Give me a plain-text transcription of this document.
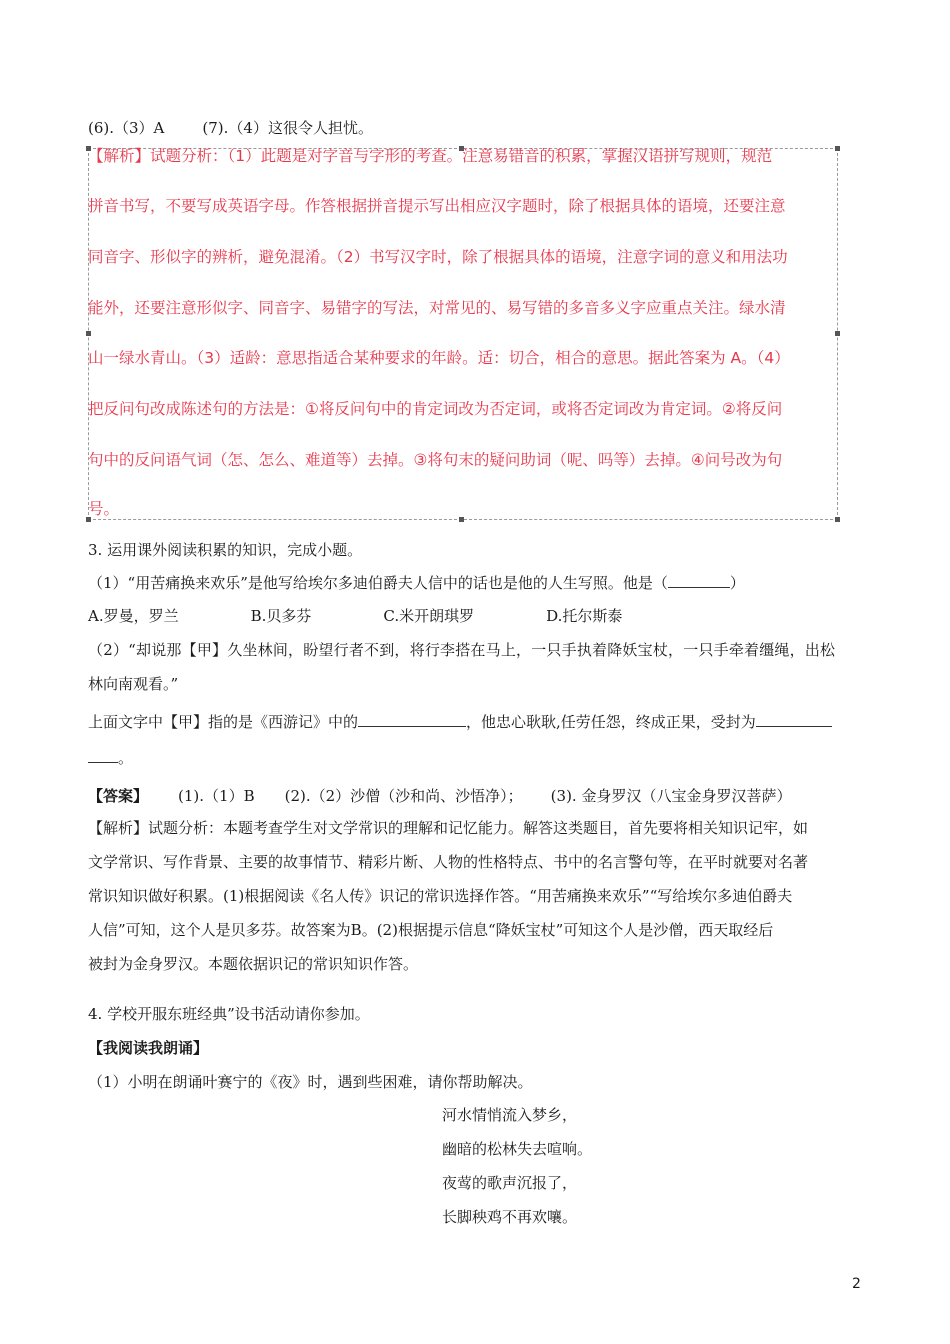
(6).（3）A	(7).（4）这很令人担忧。
【解析】试题分析：（1）此题是对字音与字形的考查。注意易错音的积累，掌握汉语拼写规则，规范
拼音书写，不要写成英语字母。作答根据拼音提示写出相应汉字题时，除了根据具体的语境，还要注意
同音字、形似字的辨析，避免混淆。（2）书写汉字时，除了根据具体的语境，注意字词的意义和用法功
能外，还要注意形似字、同音字、易错字的写法，对常见的、易写错的多音多义字应重点关注。绿水清
山一绿水青山。（3）适龄：意思指适合某种要求的年龄。适：切合，相合的意思。据此答案为 A。（4）
把反问句改成陈述句的方法是：①将反问句中的肯定词改为否定词，或将否定词改为肯定词。②将反问
句中的反问语气词（怎、怎么、难道等）去掉。③将句末的疑问助词（呢、吗等）去掉。④问号改为句
号。
3. 运用课外阅读积累的知识，完成小题。
（1）“用苦痛换来欢乐”是他写给埃尔多迪伯爵夫人信中的话也是他的人生写照。他是（	）
A.罗曼，罗兰	B.贝多芬	C.米开朗琪罗	D.托尔斯泰
（2）“却说那【甲】久坐林间，盼望行者不到，将行李搭在马上，一只手执着降妖宝杖，一只手牵着缰绳，出松
林向南观看。”
上面文字中【甲】指的是《西游记》中的	，他忠心耿耿,任劳任怨，终成正果，受封为
。
【答案】 (1).（1）B (2).（2）沙僧（沙和尚、沙悟净）； (3). 金身罗汉（八宝金身罗汉菩萨）
【解析】试题分析：本题考查学生对文学常识的理解和记忆能力。解答这类题目，首先要将相关知识记牢，如
文学常识、写作背景、主要的故事情节、精彩片断、人物的性格特点、书中的名言警句等，在平时就要对名著
常识知识做好积累。(1)根据阅读《名人传》识记的常识选择作答。“用苦痛换来欢乐”“写给埃尔多迪伯爵夫
人信”可知，这个人是贝多芬。故答案为B。(2)根据提示信息“降妖宝杖”可知这个人是沙僧，西天取经后
被封为金身罗汉。本题依据识记的常识知识作答。
4. 学校开服东班经典”设书活动请你参加。
【我阅读我朗诵】
（1）小明在朗诵叶赛宁的《夜》时，遇到些困难，请你帮助解决。
河水情悄流入梦乡，
幽暗的松林失去喧响。
夜莺的歌声沉报了，
长脚秧鸡不再欢嚷。
2
